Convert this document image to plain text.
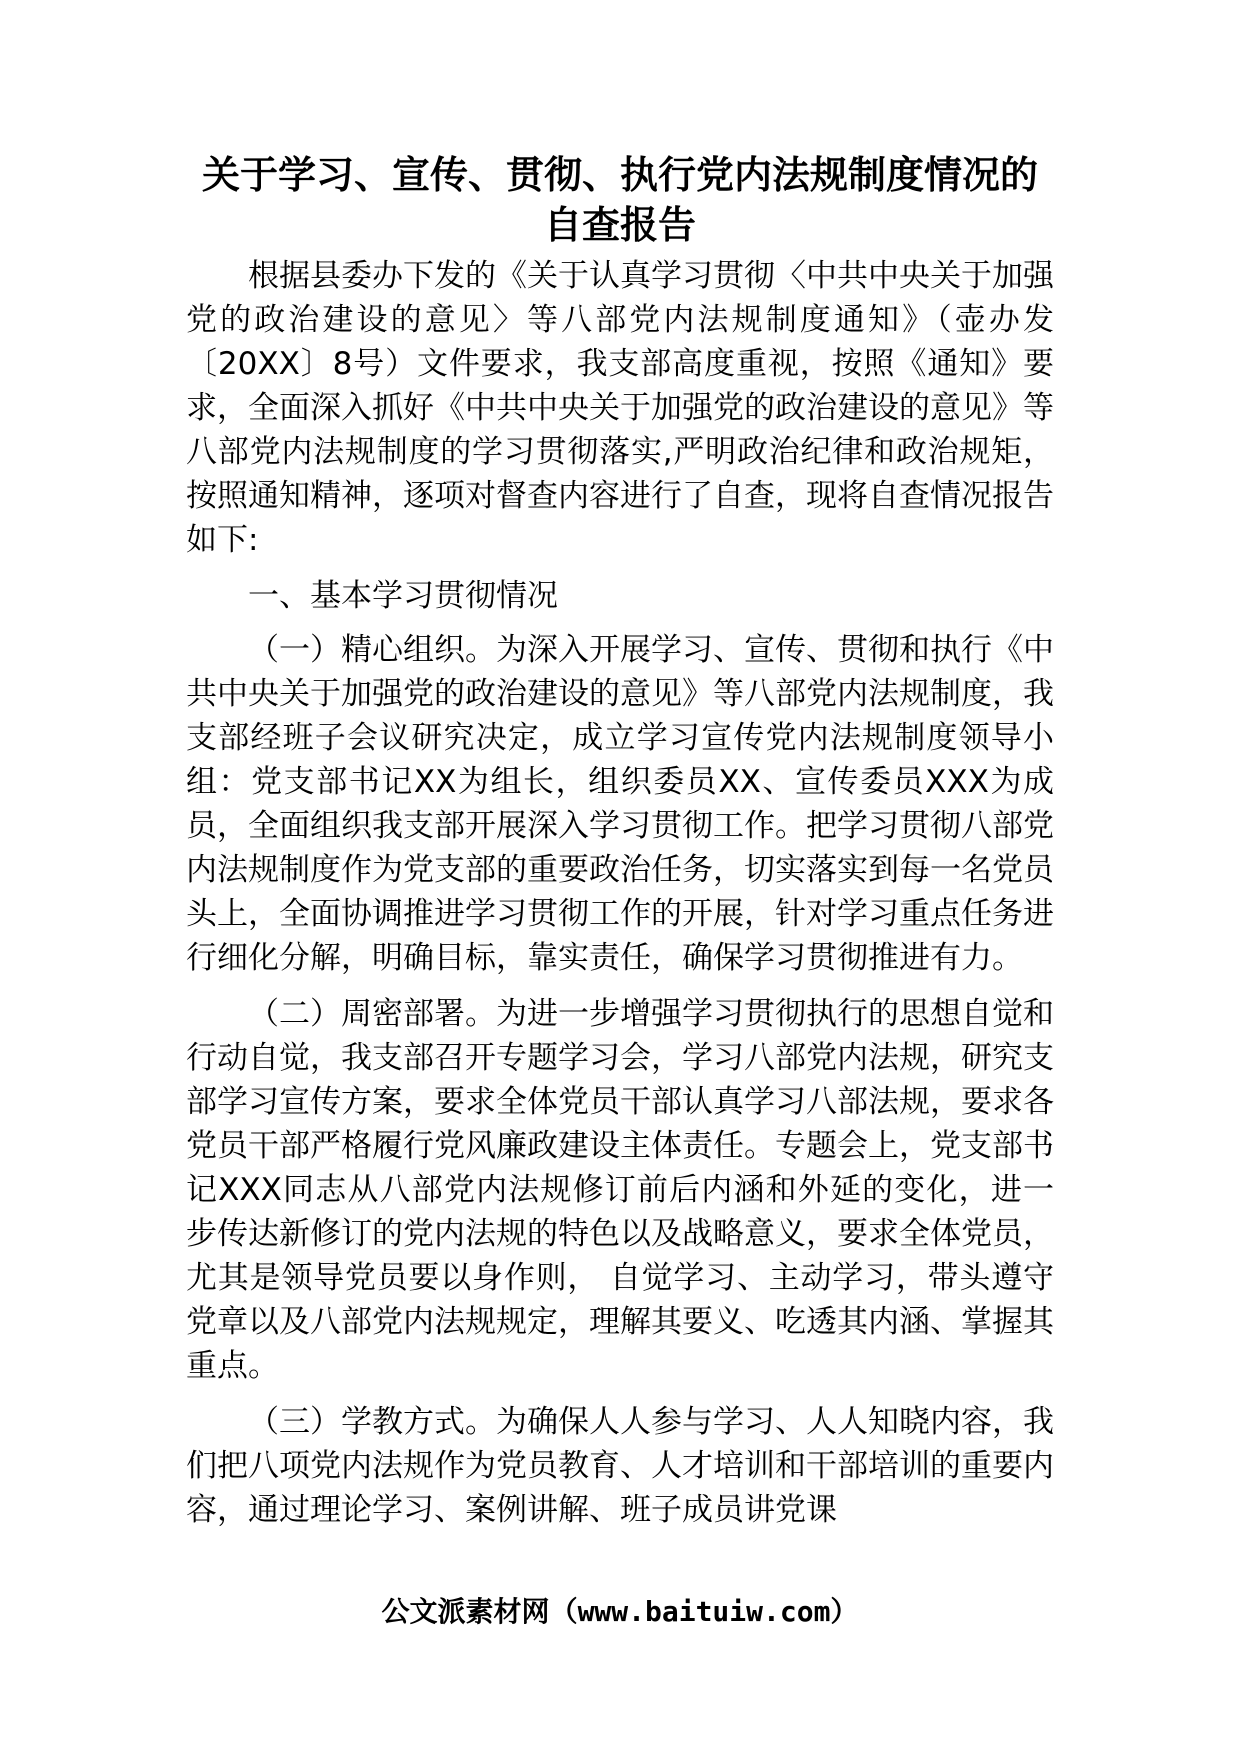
关于学习、宣传、贯彻、执行党内法规制度情况的自查报告

根据县委办下发的《关于认真学习贯彻〈中共中央关于加强党的政治建设的意见〉等八部党内法规制度通知》（壶办发〔20XX〕8号）文件要求，我支部高度重视，按照《通知》要求，全面深入抓好《中共中央关于加强党的政治建设的意见》等八部党内法规制度的学习贯彻落实,严明政治纪律和政治规矩，按照通知精神，逐项对督查内容进行了自查，现将自查情况报告如下:

一、基本学习贯彻情况

（一）精心组织。为深入开展学习、宣传、贯彻和执行《中共中央关于加强党的政治建设的意见》等八部党内法规制度，我支部经班子会议研究决定，成立学习宣传党内法规制度领导小组：党支部书记XX为组长，组织委员XX、宣传委员XXX为成员，全面组织我支部开展深入学习贯彻工作。把学习贯彻八部党内法规制度作为党支部的重要政治任务，切实落实到每一名党员头上，全面协调推进学习贯彻工作的开展，针对学习重点任务进行细化分解，明确目标，靠实责任，确保学习贯彻推进有力。

（二）周密部署。为进一步增强学习贯彻执行的思想自觉和行动自觉，我支部召开专题学习会，学习八部党内法规，研究支部学习宣传方案，要求全体党员干部认真学习八部法规，要求各党员干部严格履行党风廉政建设主体责任。专题会上，党支部书记XXX同志从八部党内法规修订前后内涵和外延的变化，进一步传达新修订的党内法规的特色以及战略意义，要求全体党员，尤其是领导党员要以身作则， 自觉学习、主动学习，带头遵守党章以及八部党内法规规定，理解其要义、吃透其内涵、掌握其重点。

（三）学教方式。为确保人人参与学习、人人知晓内容，我们把八项党内法规作为党员教育、人才培训和干部培训的重要内容，通过理论学习、案例讲解、班子成员讲党课

公文派素材网（www.baituiw.com）
